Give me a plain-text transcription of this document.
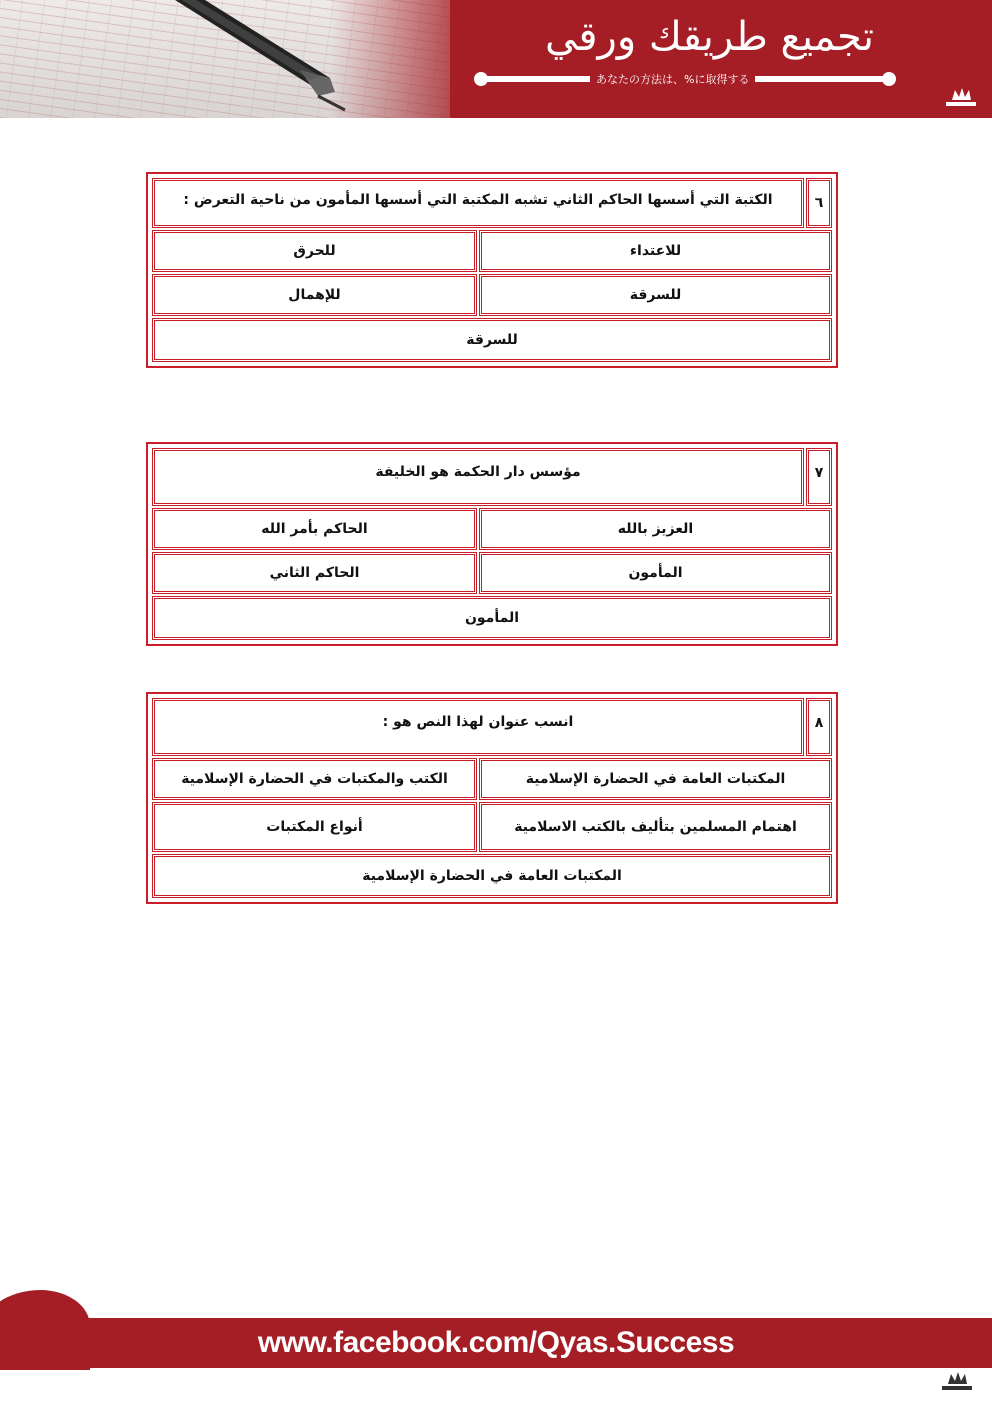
تجميع طريقك ورقي
あなたの方法は、%に取得する
٦	الكتبة التي أسسها الحاكم الثاني تشبه المكتبة التي أسسها المأمون من ناحية التعرض :	
للاعتداء		للحرق
للسرقة		للإهمال
للسرقة		
٧	مؤسس دار الحكمة هو الخليفة	
العزيز بالله		الحاكم بأمر الله
المأمون		الحاكم الثاني
المأمون		
٨	انسب عنوان لهذا النص هو :	
المكتبات العامة في الحضارة الإسلامية		الكتب والمكتبات في الحضارة الإسلامية
اهتمام المسلمين بتأليف بالكتب الاسلامية		أنواع المكتبات
المكتبات العامة في الحضارة الإسلامية		
www.facebook.com/Qyas.Success
